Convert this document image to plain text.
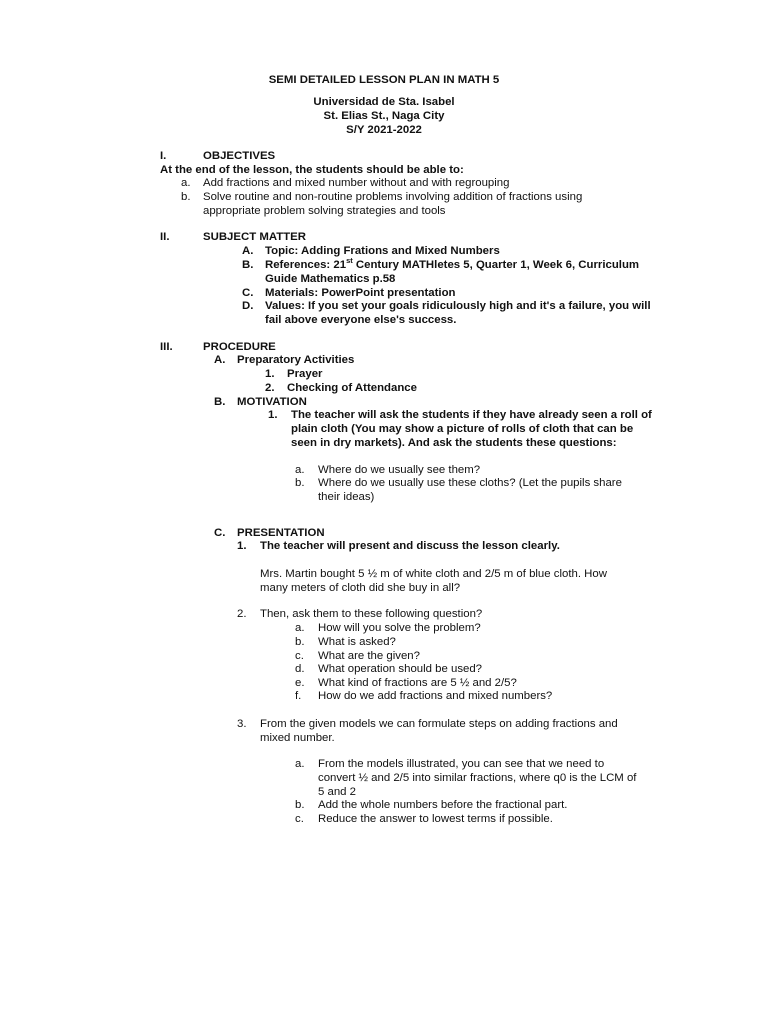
SEMI DETAILED LESSON PLAN IN MATH 5
Universidad de Sta. Isabel
St. Elias St., Naga City
S/Y 2021-2022
I.	OBJECTIVES
At the end of the lesson, the students should be able to:
a. Add fractions and mixed number without and with regrouping
b. Solve routine and non-routine problems involving addition of fractions using
appropriate problem solving strategies and tools
II.	SUBJECT MATTER
A. Topic: Adding Frations and Mixed Numbers
B. References: 21st Century MATHletes 5, Quarter 1, Week 6, Curriculum
Guide Mathematics p.58
C. Materials: PowerPoint presentation
D. Values: If you set your goals ridiculously high and it's a failure, you will
fail above everyone else's success.
III.	PROCEDURE
A. Preparatory Activities
1. Prayer
2. Checking of Attendance
B. MOTIVATION
1. The teacher will ask the students if they have already seen a roll of
plain cloth (You may show a picture of rolls of cloth that can be
seen in dry markets). And ask the students these questions:
a. Where do we usually see them?
b. Where do we usually use these cloths? (Let the pupils share
their ideas)
C. PRESENTATION
1. The teacher will present and discuss the lesson clearly.
Mrs. Martin bought 5 ½ m of white cloth and 2/5 m of blue cloth. How
many meters of cloth did she buy in all?
2. Then, ask them to these following question?
a. How will you solve the problem?
b. What is asked?
c. What are the given?
d. What operation should be used?
e. What kind of fractions are 5 ½ and 2/5?
f. How do we add fractions and mixed numbers?
3. From the given models we can formulate steps on adding fractions and
mixed number.
a. From the models illustrated, you can see that we need to
convert ½ and 2/5 into similar fractions, where q0 is the LCM of
5 and 2
b. Add the whole numbers before the fractional part.
c. Reduce the answer to lowest terms if possible.
